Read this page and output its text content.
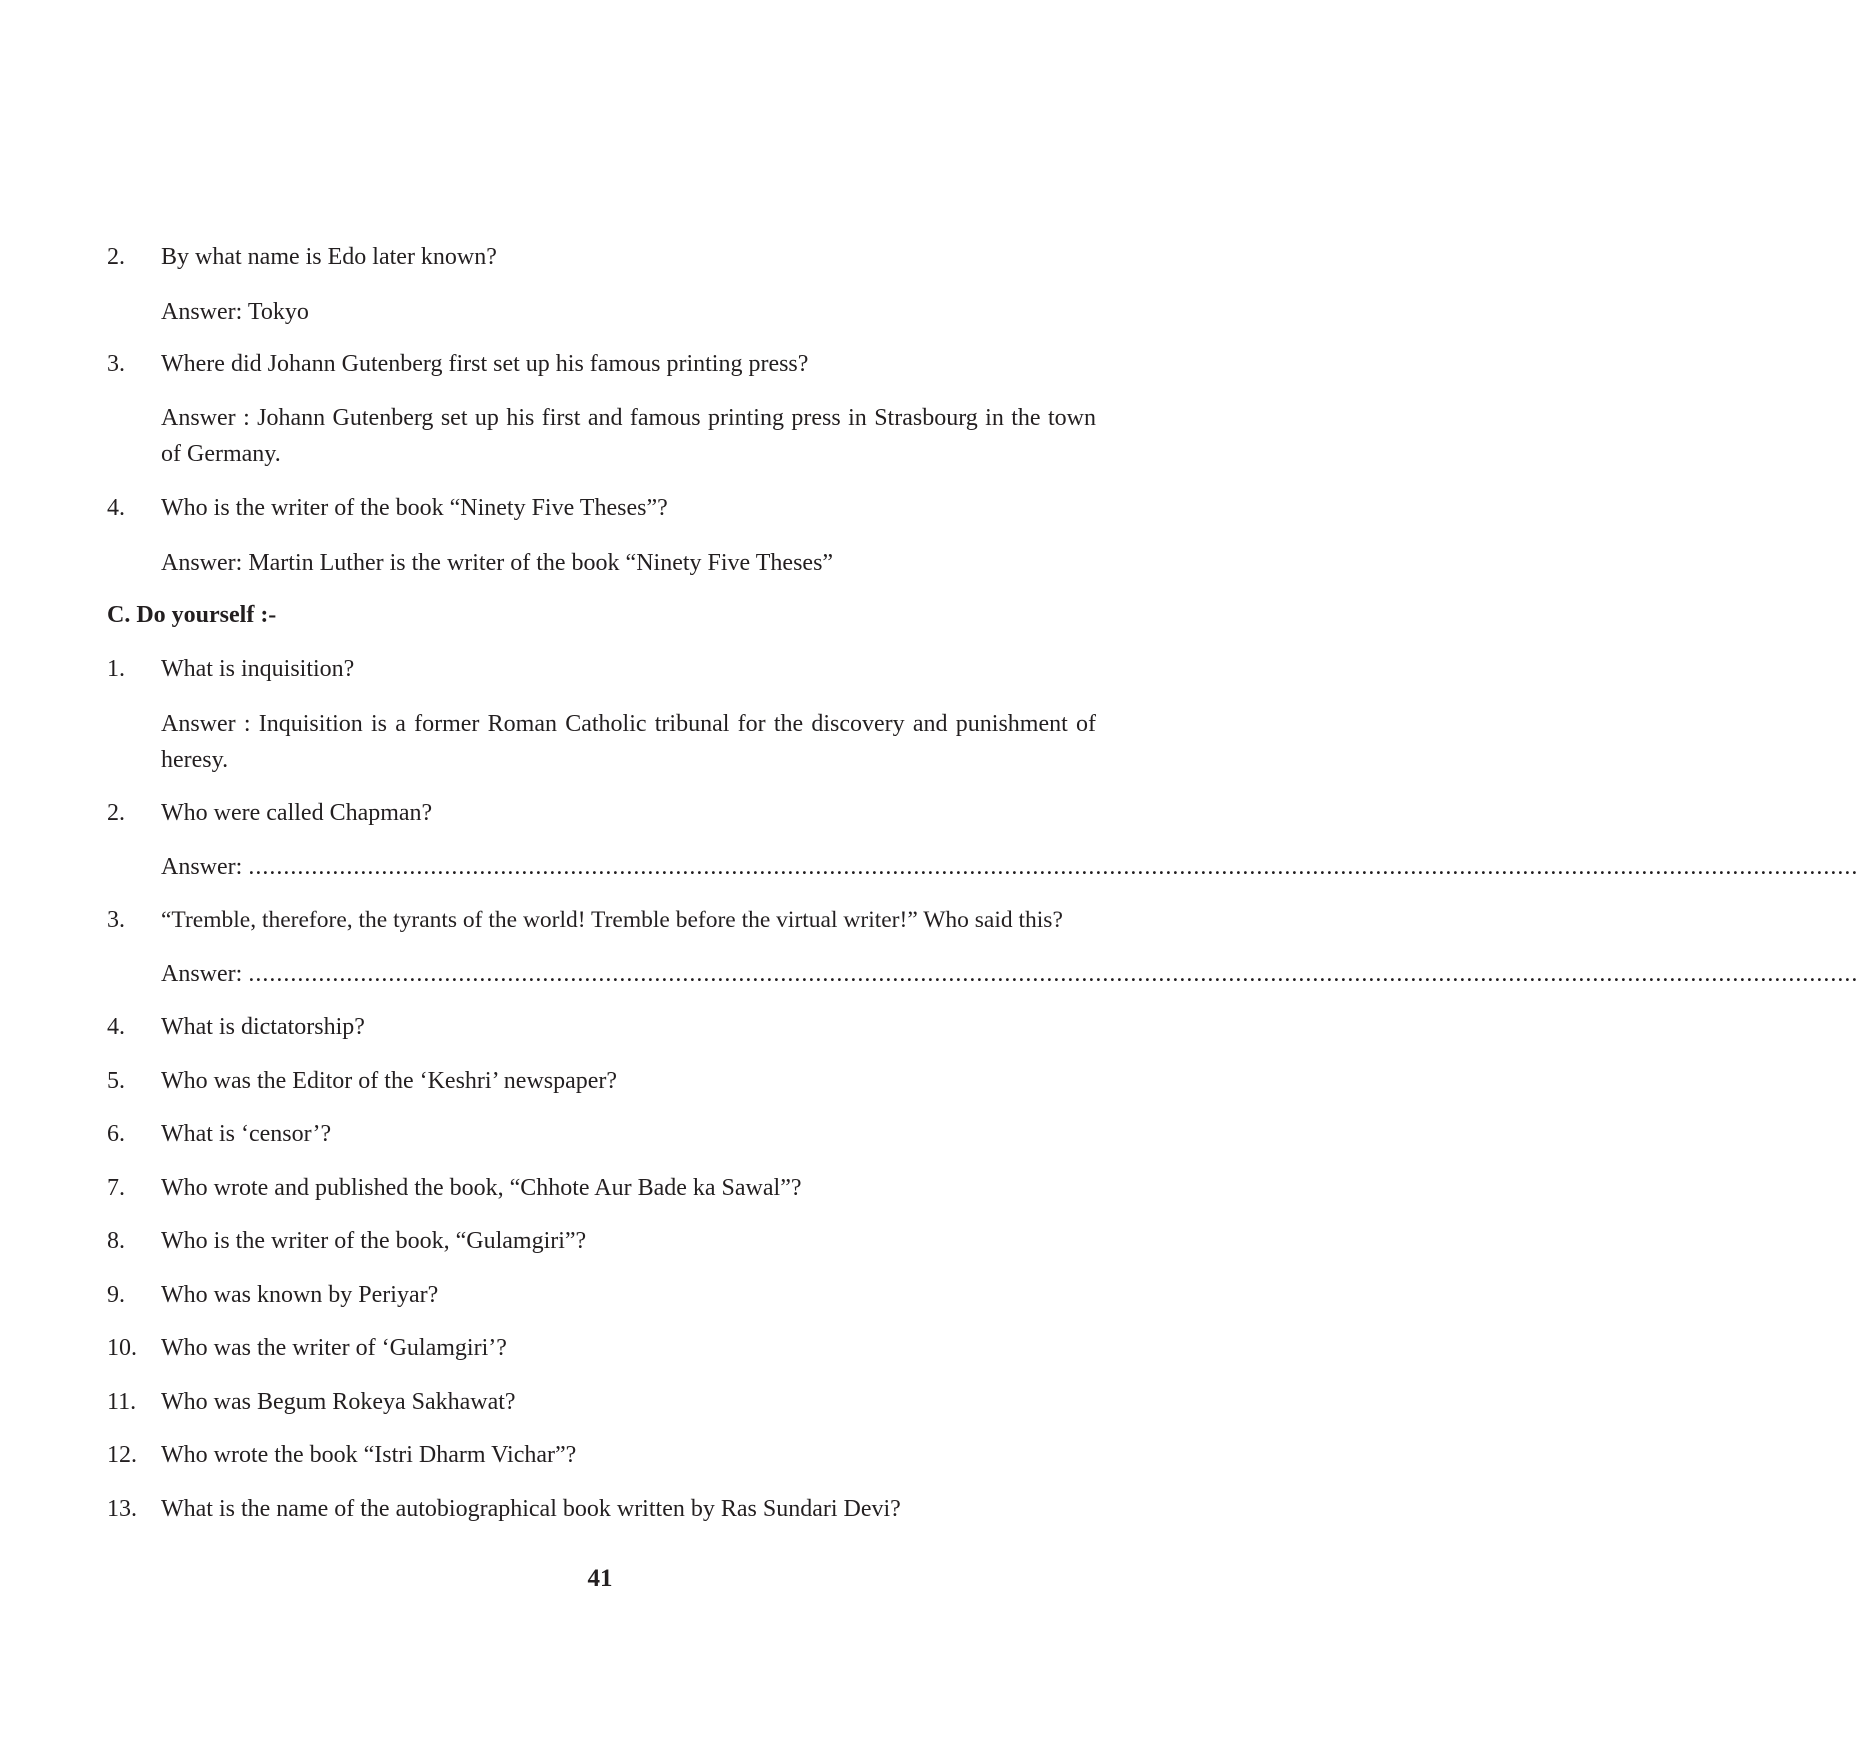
2.	By what name is Edo later known?
Answer: Tokyo
3.	Where did Johann Gutenberg first set up his famous printing press?
Answer : Johann Gutenberg set up his first and famous printing press in Strasbourg in the town of Germany.
4.	Who is the writer of the book “Ninety Five Theses”?
Answer: Martin Luther is the writer of the book “Ninety Five Theses”
C. Do yourself :-
1.	What is inquisition?
Answer : Inquisition is a former Roman Catholic tribunal for the discovery and punishment of heresy.
2.	Who were called Chapman?
Answer: ......................................................................................................................................................................................................................................
3.	“Tremble, therefore, the tyrants of the world! Tremble before the virtual writer!” Who said this?
Answer: ......................................................................................................................................................................................................................................
4.	What is dictatorship?
5.	Who was the Editor of the ‘Keshri’ newspaper?
6.	What is ‘censor’?
7.	Who wrote and published the book, “Chhote Aur Bade ka Sawal”?
8.	Who is the writer of the book, “Gulamgiri”?
9.	Who was known by Periyar?
10.	Who was the writer of ‘Gulamgiri’?
11.	Who was Begum Rokeya Sakhawat?
12.	Who wrote the book “Istri Dharm Vichar”?
13.	What is the name of the autobiographical book written by Ras Sundari Devi?
41
